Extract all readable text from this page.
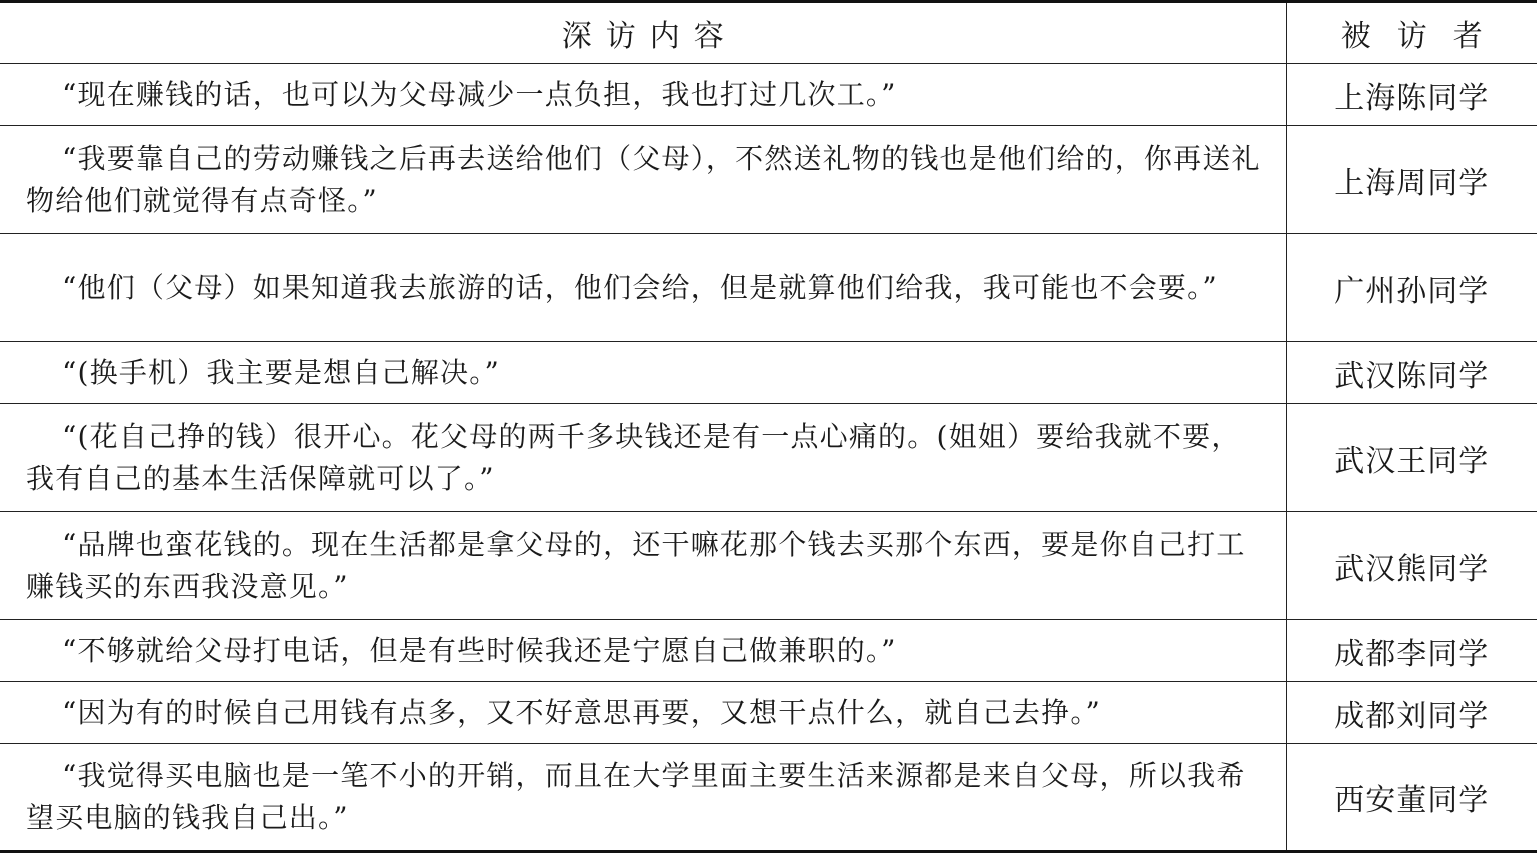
深访内容	被访者
“现在赚钱的话，也可以为父母减少一点负担，我也打过几次工。”	上海陈同学
“我要靠自己的劳动赚钱之后再去送给他们（父母），不然送礼物的钱也是他们给的，你再送礼物给他们就觉得有点奇怪。”	上海周同学
“他们（父母）如果知道我去旅游的话，他们会给，但是就算他们给我，我可能也不会要。”	广州孙同学
“(换手机）我主要是想自己解决。”	武汉陈同学
“(花自己挣的钱）很开心。花父母的两千多块钱还是有一点心痛的。(姐姐）要给我就不要，我有自己的基本生活保障就可以了。”	武汉王同学
“品牌也蛮花钱的。现在生活都是拿父母的，还干嘛花那个钱去买那个东西，要是你自己打工赚钱买的东西我没意见。”	武汉熊同学
“不够就给父母打电话，但是有些时候我还是宁愿自己做兼职的。”	成都李同学
“因为有的时候自己用钱有点多，又不好意思再要，又想干点什么，就自己去挣。”	成都刘同学
“我觉得买电脑也是一笔不小的开销，而且在大学里面主要生活来源都是来自父母，所以我希望买电脑的钱我自己出。”	西安董同学
